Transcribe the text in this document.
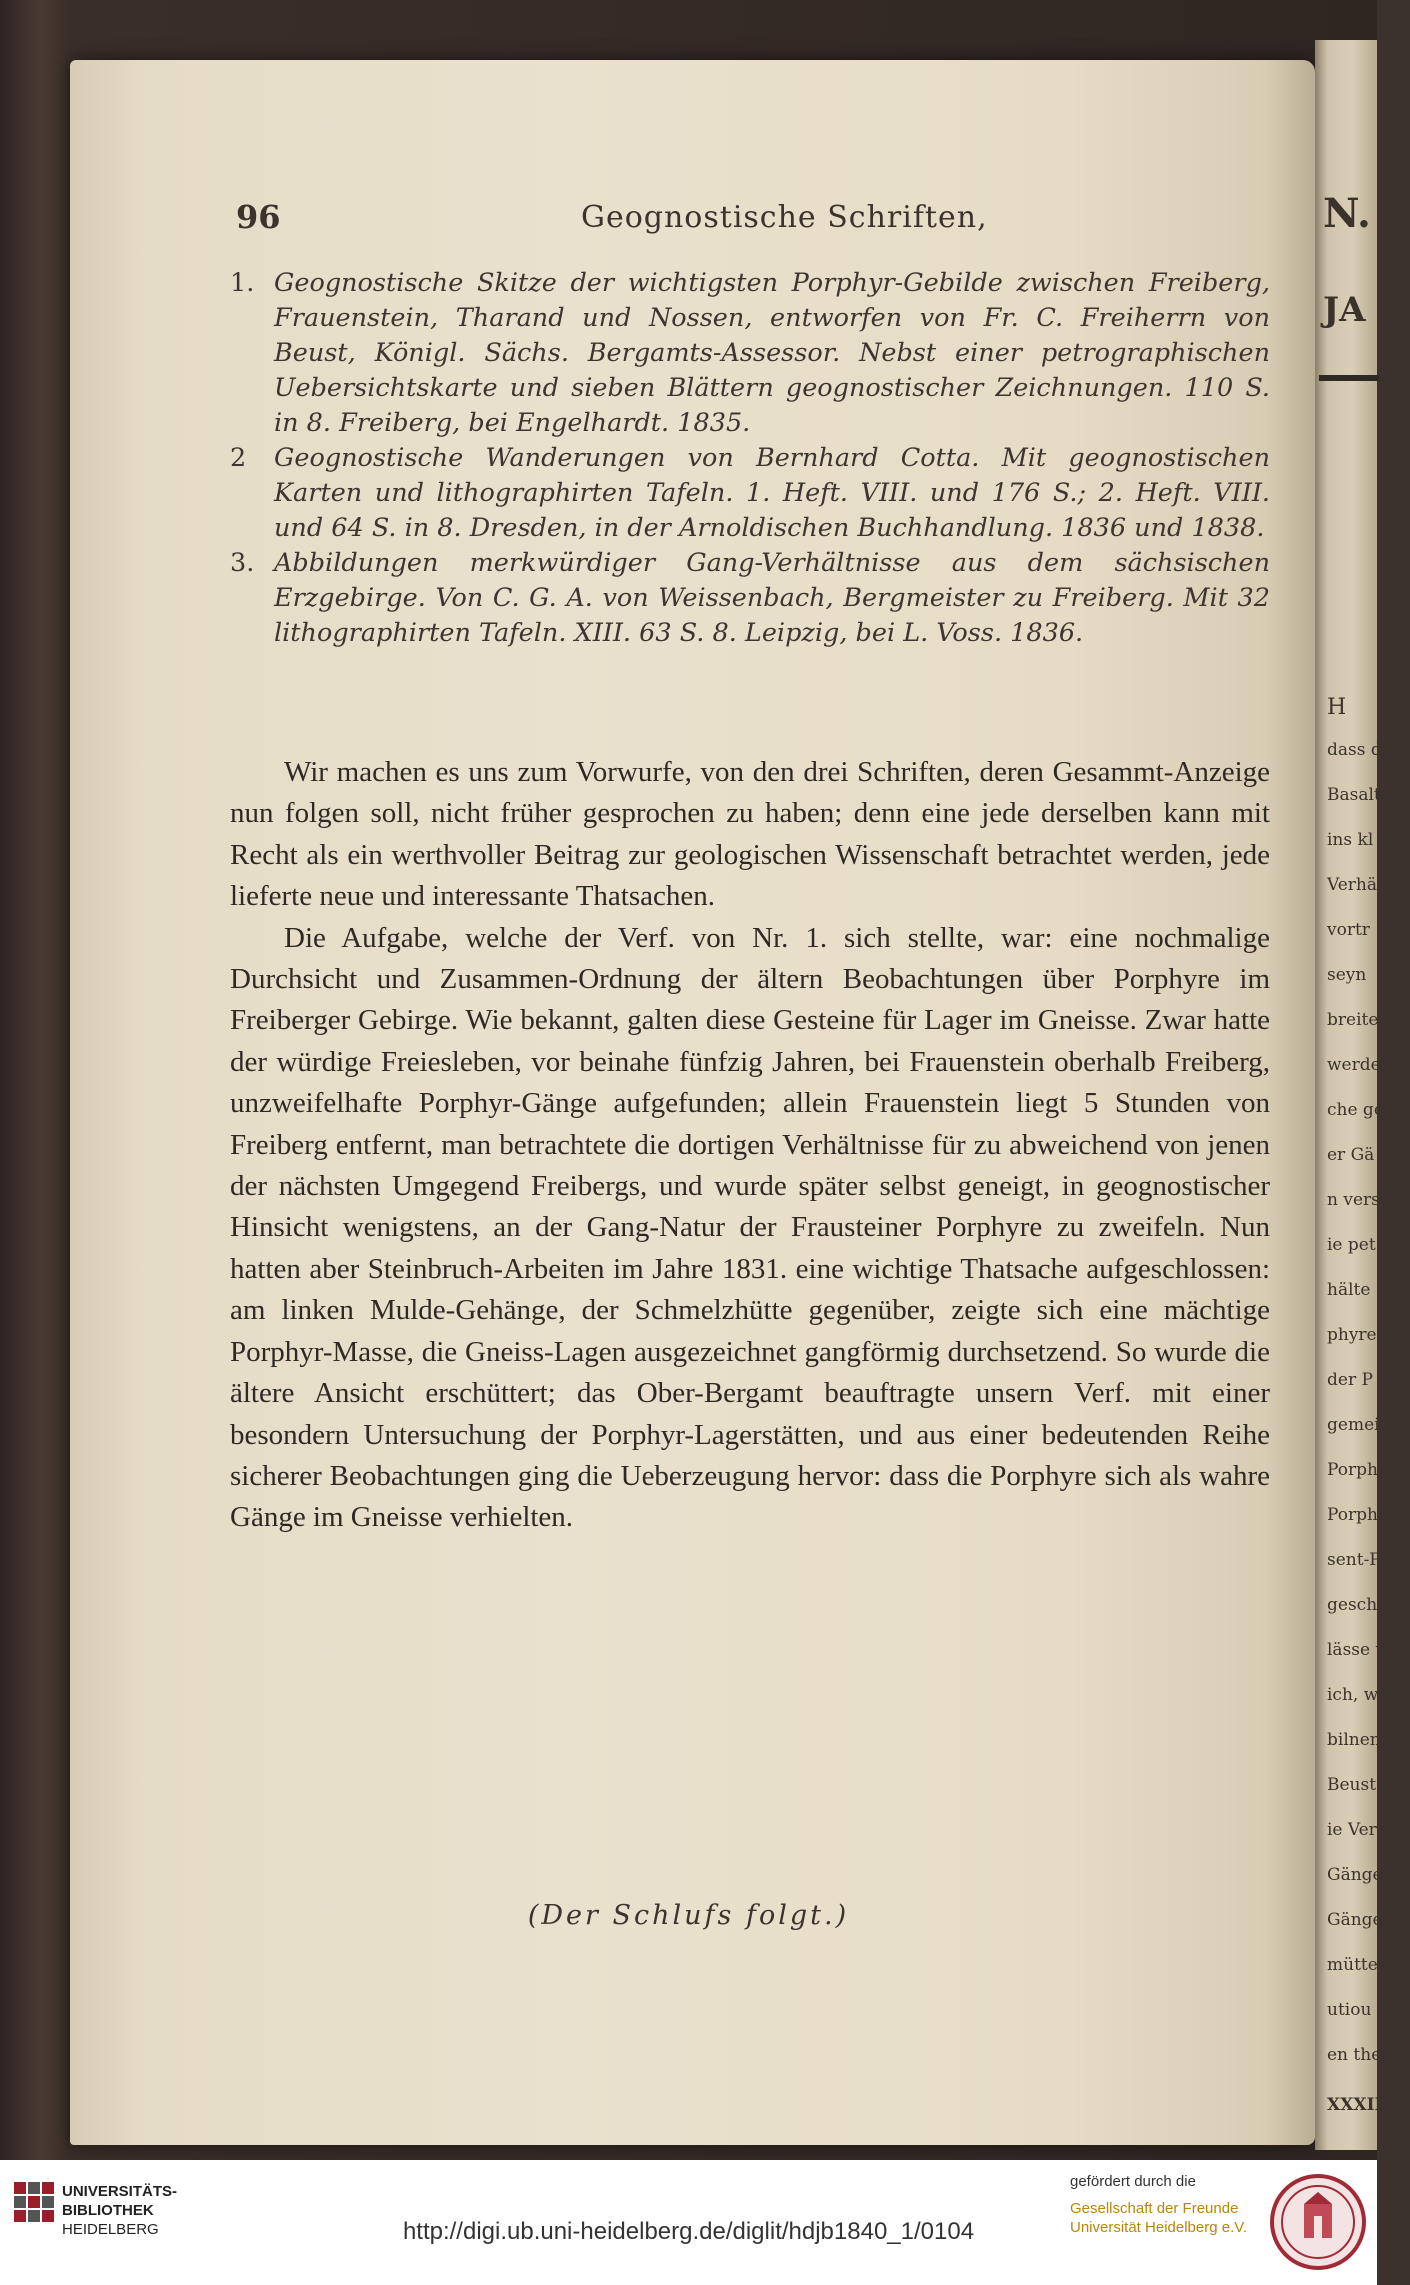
N.
JA
H
dass di
Basalt
ins kl
Verhä
vortr
seyn
breite
werde
che ge
er Gä
n vers
ie pet
hälte
phyre
der P
gemei
Porph
Porphy
sent-Pro
geschlos
lässe we
ich, wel
bilnen E
Beust's
ie Verhi
Gänge al
Gänge
mütte f
utiou de
en theore
XXXII.
96	Geognostische Schriften,

1. Geognostische Skitze der wichtigsten Porphyr-Gebilde zwischen Freiberg, Frauenstein, Tharand und Nossen, entworfen von Fr. C. Freiherrn von Beust, Königl. Sächs. Bergamts-Assessor. Nebst einer petrographischen Uebersichtskarte und sieben Blättern geognostischer Zeichnungen. 110 S. in 8. Freiberg, bei Engelhardt. 1835.

2 Geognostische Wanderungen von Bernhard Cotta. Mit geognostischen Karten und lithographirten Tafeln. 1. Heft. VIII. und 176 S.; 2. Heft. VIII. und 64 S. in 8. Dresden, in der Arnoldischen Buchhandlung. 1836 und 1838.

3. Abbildungen merkwürdiger Gang-Verhältnisse aus dem sächsischen Erzgebirge. Von C. G. A. von Weissenbach, Bergmeister zu Freiberg. Mit 32 lithographirten Tafeln. XIII. 63 S. 8. Leipzig, bei L. Voss. 1836.

Wir machen es uns zum Vorwurfe, von den drei Schriften, deren Gesammt-Anzeige nun folgen soll, nicht früher gesprochen zu haben; denn eine jede derselben kann mit Recht als ein werthvoller Beitrag zur geologischen Wissenschaft betrachtet werden, jede lieferte neue und interessante Thatsachen.

Die Aufgabe, welche der Verf. von Nr. 1. sich stellte, war: eine nochmalige Durchsicht und Zusammen-Ordnung der ältern Beobachtungen über Porphyre im Freiberger Gebirge. Wie bekannt, galten diese Gesteine für Lager im Gneisse. Zwar hatte der würdige Freiesleben, vor beinahe fünfzig Jahren, bei Frauenstein oberhalb Freiberg, unzweifelhafte Porphyr-Gänge aufgefunden; allein Frauenstein liegt 5 Stunden von Freiberg entfernt, man betrachtete die dortigen Verhältnisse für zu abweichend von jenen der nächsten Umgegend Freibergs, und wurde später selbst geneigt, in geognostischer Hinsicht wenigstens, an der Gang-Natur der Frausteiner Porphyre zu zweifeln. Nun hatten aber Steinbruch-Arbeiten im Jahre 1831. eine wichtige Thatsache aufgeschlossen: am linken Mulde-Gehänge, der Schmelzhütte gegenüber, zeigte sich eine mächtige Porphyr-Masse, die Gneiss-Lagen ausgezeichnet gangförmig durchsetzend. So wurde die ältere Ansicht erschüttert; das Ober-Bergamt beauftragte unsern Verf. mit einer besondern Untersuchung der Porphyr-Lagerstätten, und aus einer bedeutenden Reihe sicherer Beobachtungen ging die Ueberzeugung hervor: dass die Porphyre sich als wahre Gänge im Gneisse verhielten.

(Der Schlufs folgt.)
UNIVERSITÄTS-
BIBLIOTHEK
HEIDELBERG	http://digi.ub.uni-heidelberg.de/diglit/hdjb1840_1/0104
gefördert durch die
Gesellschaft der Freunde
Universität Heidelberg e.V.
